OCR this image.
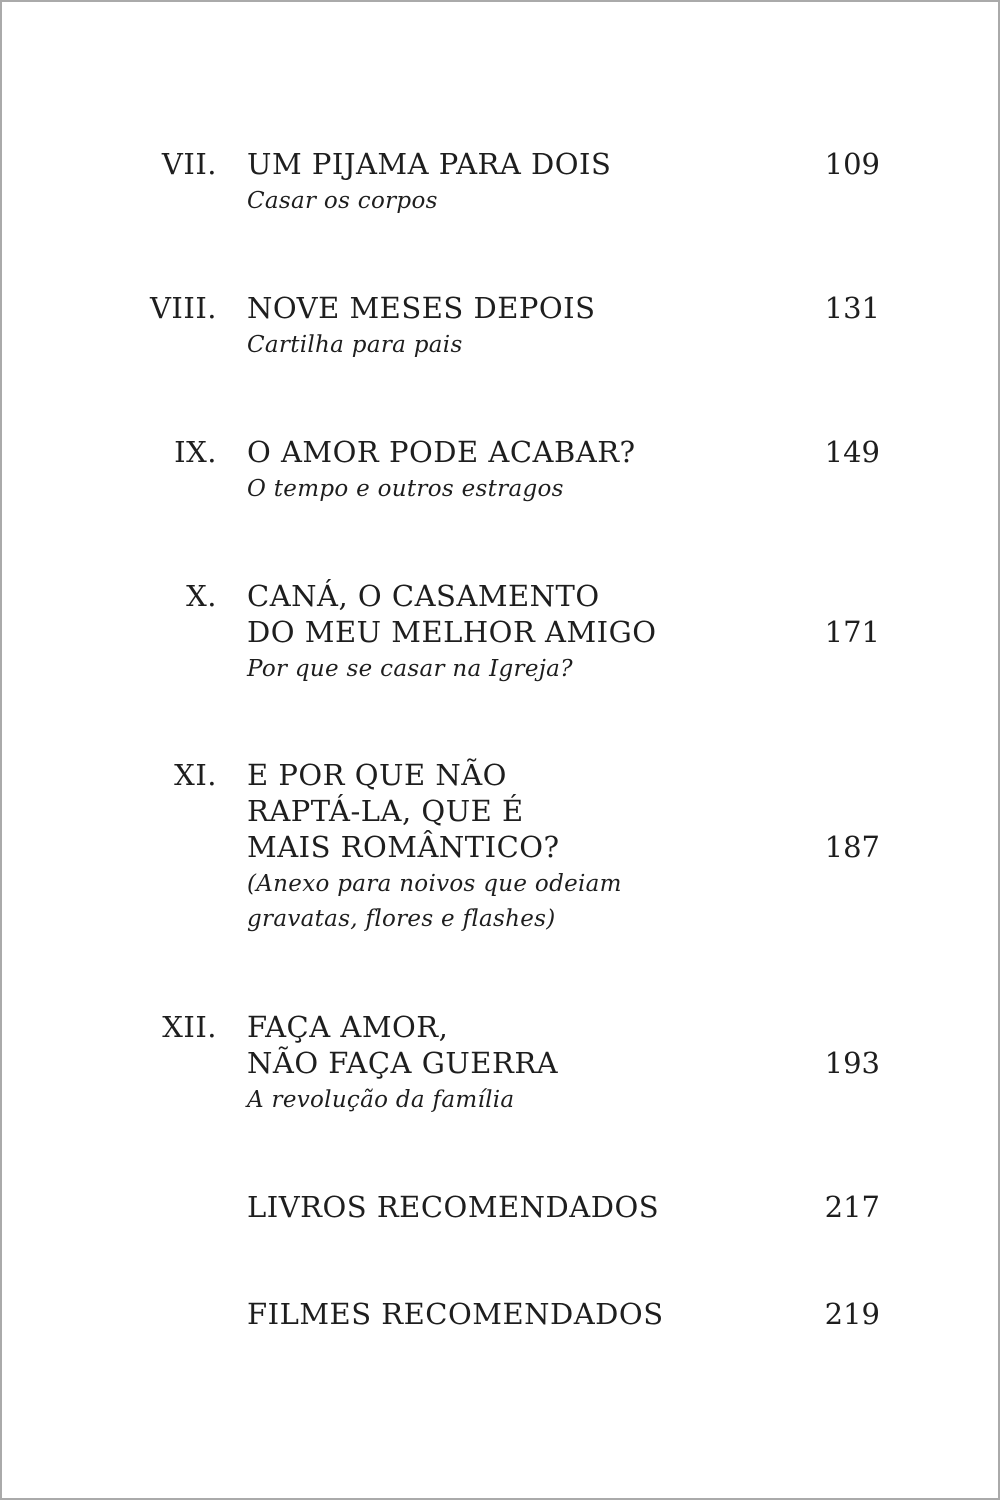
VII. UM PIJAMA PARA DOIS
Casar os corpos
109
VIII. NOVE MESES DEPOIS
Cartilha para pais
131
IX. O AMOR PODE ACABAR?
O tempo e outros estragos
149
X. CANÁ, O CASAMENTO
DO MEU MELHOR AMIGO
Por que se casar na Igreja?
171
XI. E POR QUE NÃO
RAPTÁ-LA, QUE É
MAIS ROMÂNTICO?
(Anexo para noivos que odeiam
gravatas, flores e flashes)
187
XII. FAÇA AMOR,
NÃO FAÇA GUERRA
A revolução da família
193
LIVROS RECOMENDADOS	217
FILMES RECOMENDADOS	219
